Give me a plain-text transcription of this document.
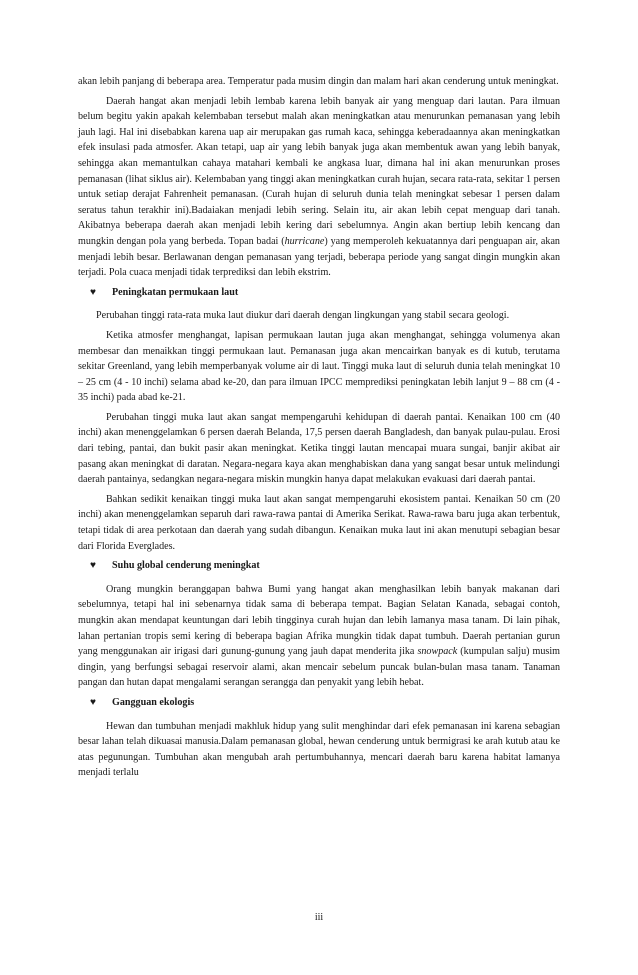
akan lebih panjang di beberapa area. Temperatur pada musim dingin dan malam hari akan cenderung untuk meningkat.

Daerah hangat akan menjadi lebih lembab karena lebih banyak air yang menguap dari lautan. Para ilmuan belum begitu yakin apakah kelembaban tersebut malah akan meningkatkan atau menurunkan pemanasan yang lebih jauh lagi. Hal ini disebabkan karena uap air merupakan gas rumah kaca, sehingga keberadaannya akan meningkatkan efek insulasi pada atmosfer. Akan tetapi, uap air yang lebih banyak juga akan membentuk awan yang lebih banyak, sehingga akan memantulkan cahaya matahari kembali ke angkasa luar, dimana hal ini akan menurunkan proses pemanasan (lihat siklus air). Kelembaban yang tinggi akan meningkatkan curah hujan, secara rata-rata, sekitar 1 persen untuk setiap derajat Fahrenheit pemanasan. (Curah hujan di seluruh dunia telah meningkat sebesar 1 persen dalam seratus tahun terakhir ini).Badaiakan menjadi lebih sering. Selain itu, air akan lebih cepat menguap dari tanah. Akibatnya beberapa daerah akan menjadi lebih kering dari sebelumnya. Angin akan bertiup lebih kencang dan mungkin dengan pola yang berbeda. Topan badai (hurricane) yang memperoleh kekuatannya dari penguapan air, akan menjadi lebih besar. Berlawanan dengan pemanasan yang terjadi, beberapa periode yang sangat dingin mungkin akan terjadi. Pola cuaca menjadi tidak terprediksi dan lebih ekstrim.

♥ Peningkatan permukaan laut

Perubahan tinggi rata-rata muka laut diukur dari daerah dengan lingkungan yang stabil secara geologi.

Ketika atmosfer menghangat, lapisan permukaan lautan juga akan menghangat, sehingga volumenya akan membesar dan menaikkan tinggi permukaan laut. Pemanasan juga akan mencairkan banyak es di kutub, terutama sekitar Greenland, yang lebih memperbanyak volume air di laut. Tinggi muka laut di seluruh dunia telah meningkat 10 – 25 cm (4 - 10 inchi) selama abad ke-20, dan para ilmuan IPCC memprediksi peningkatan lebih lanjut 9 – 88 cm (4 - 35 inchi) pada abad ke-21.

Perubahan tinggi muka laut akan sangat mempengaruhi kehidupan di daerah pantai. Kenaikan 100 cm (40 inchi) akan menenggelamkan 6 persen daerah Belanda, 17,5 persen daerah Bangladesh, dan banyak pulau-pulau. Erosi dari tebing, pantai, dan bukit pasir akan meningkat. Ketika tinggi lautan mencapai muara sungai, banjir akibat air pasang akan meningkat di daratan. Negara-negara kaya akan menghabiskan dana yang sangat besar untuk melindungi daerah pantainya, sedangkan negara-negara miskin mungkin hanya dapat melakukan evakuasi dari daerah pantai.

Bahkan sedikit kenaikan tinggi muka laut akan sangat mempengaruhi ekosistem pantai. Kenaikan 50 cm (20 inchi) akan menenggelamkan separuh dari rawa-rawa pantai di Amerika Serikat. Rawa-rawa baru juga akan terbentuk, tetapi tidak di area perkotaan dan daerah yang sudah dibangun. Kenaikan muka laut ini akan menutupi sebagian besar dari Florida Everglades.

♥ Suhu global cenderung meningkat

Orang mungkin beranggapan bahwa Bumi yang hangat akan menghasilkan lebih banyak makanan dari sebelumnya, tetapi hal ini sebenarnya tidak sama di beberapa tempat. Bagian Selatan Kanada, sebagai contoh, mungkin akan mendapat keuntungan dari lebih tingginya curah hujan dan lebih lamanya masa tanam. Di lain pihak, lahan pertanian tropis semi kering di beberapa bagian Afrika mungkin tidak dapat tumbuh. Daerah pertanian gurun yang menggunakan air irigasi dari gunung-gunung yang jauh dapat menderita jika snowpack (kumpulan salju) musim dingin, yang berfungsi sebagai reservoir alami, akan mencair sebelum puncak bulan-bulan masa tanam. Tanaman pangan dan hutan dapat mengalami serangan serangga dan penyakit yang lebih hebat.

♥ Gangguan ekologis

Hewan dan tumbuhan menjadi makhluk hidup yang sulit menghindar dari efek pemanasan ini karena sebagian besar lahan telah dikuasai manusia.Dalam pemanasan global, hewan cenderung untuk bermigrasi ke arah kutub atau ke atas pegunungan. Tumbuhan akan mengubah arah pertumbuhannya, mencari daerah baru karena habitat lamanya menjadi terlalu

iii
